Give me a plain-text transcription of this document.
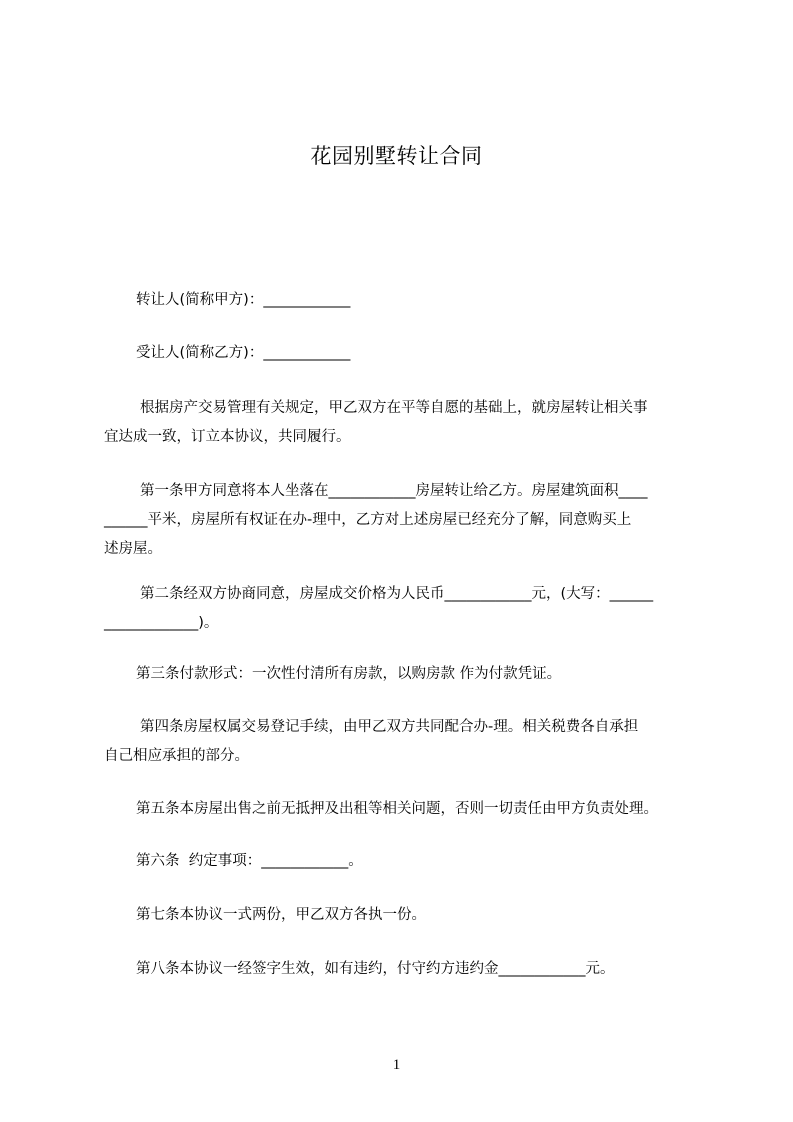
花园别墅转让合同
转让人(简称甲方)：____________
受让人(简称乙方)：____________
根据房产交易管理有关规定，甲乙双方在平等自愿的基础上，就房屋转让相关事
宜达成一致，订立本协议，共同履行。
第一条甲方同意将本人坐落在____________房屋转让给乙方。房屋建筑面积____
______平米，房屋所有权证在办-理中，乙方对上述房屋已经充分了解，同意购买上
述房屋。
第二条经双方协商同意，房屋成交价格为人民币____________元，(大写：______
_____________)。
第三条付款形式：一次性付清所有房款，以购房款 作为付款凭证。
第四条房屋权属交易登记手续，由甲乙双方共同配合办-理。相关税费各自承担
自己相应承担的部分。
第五条本房屋出售之前无抵押及出租等相关问题，否则一切责任由甲方负责处理。
第六条  约定事项：____________。
第七条本协议一式两份，甲乙双方各执一份。
第八条本协议一经签字生效，如有违约，付守约方违约金____________元。
1
